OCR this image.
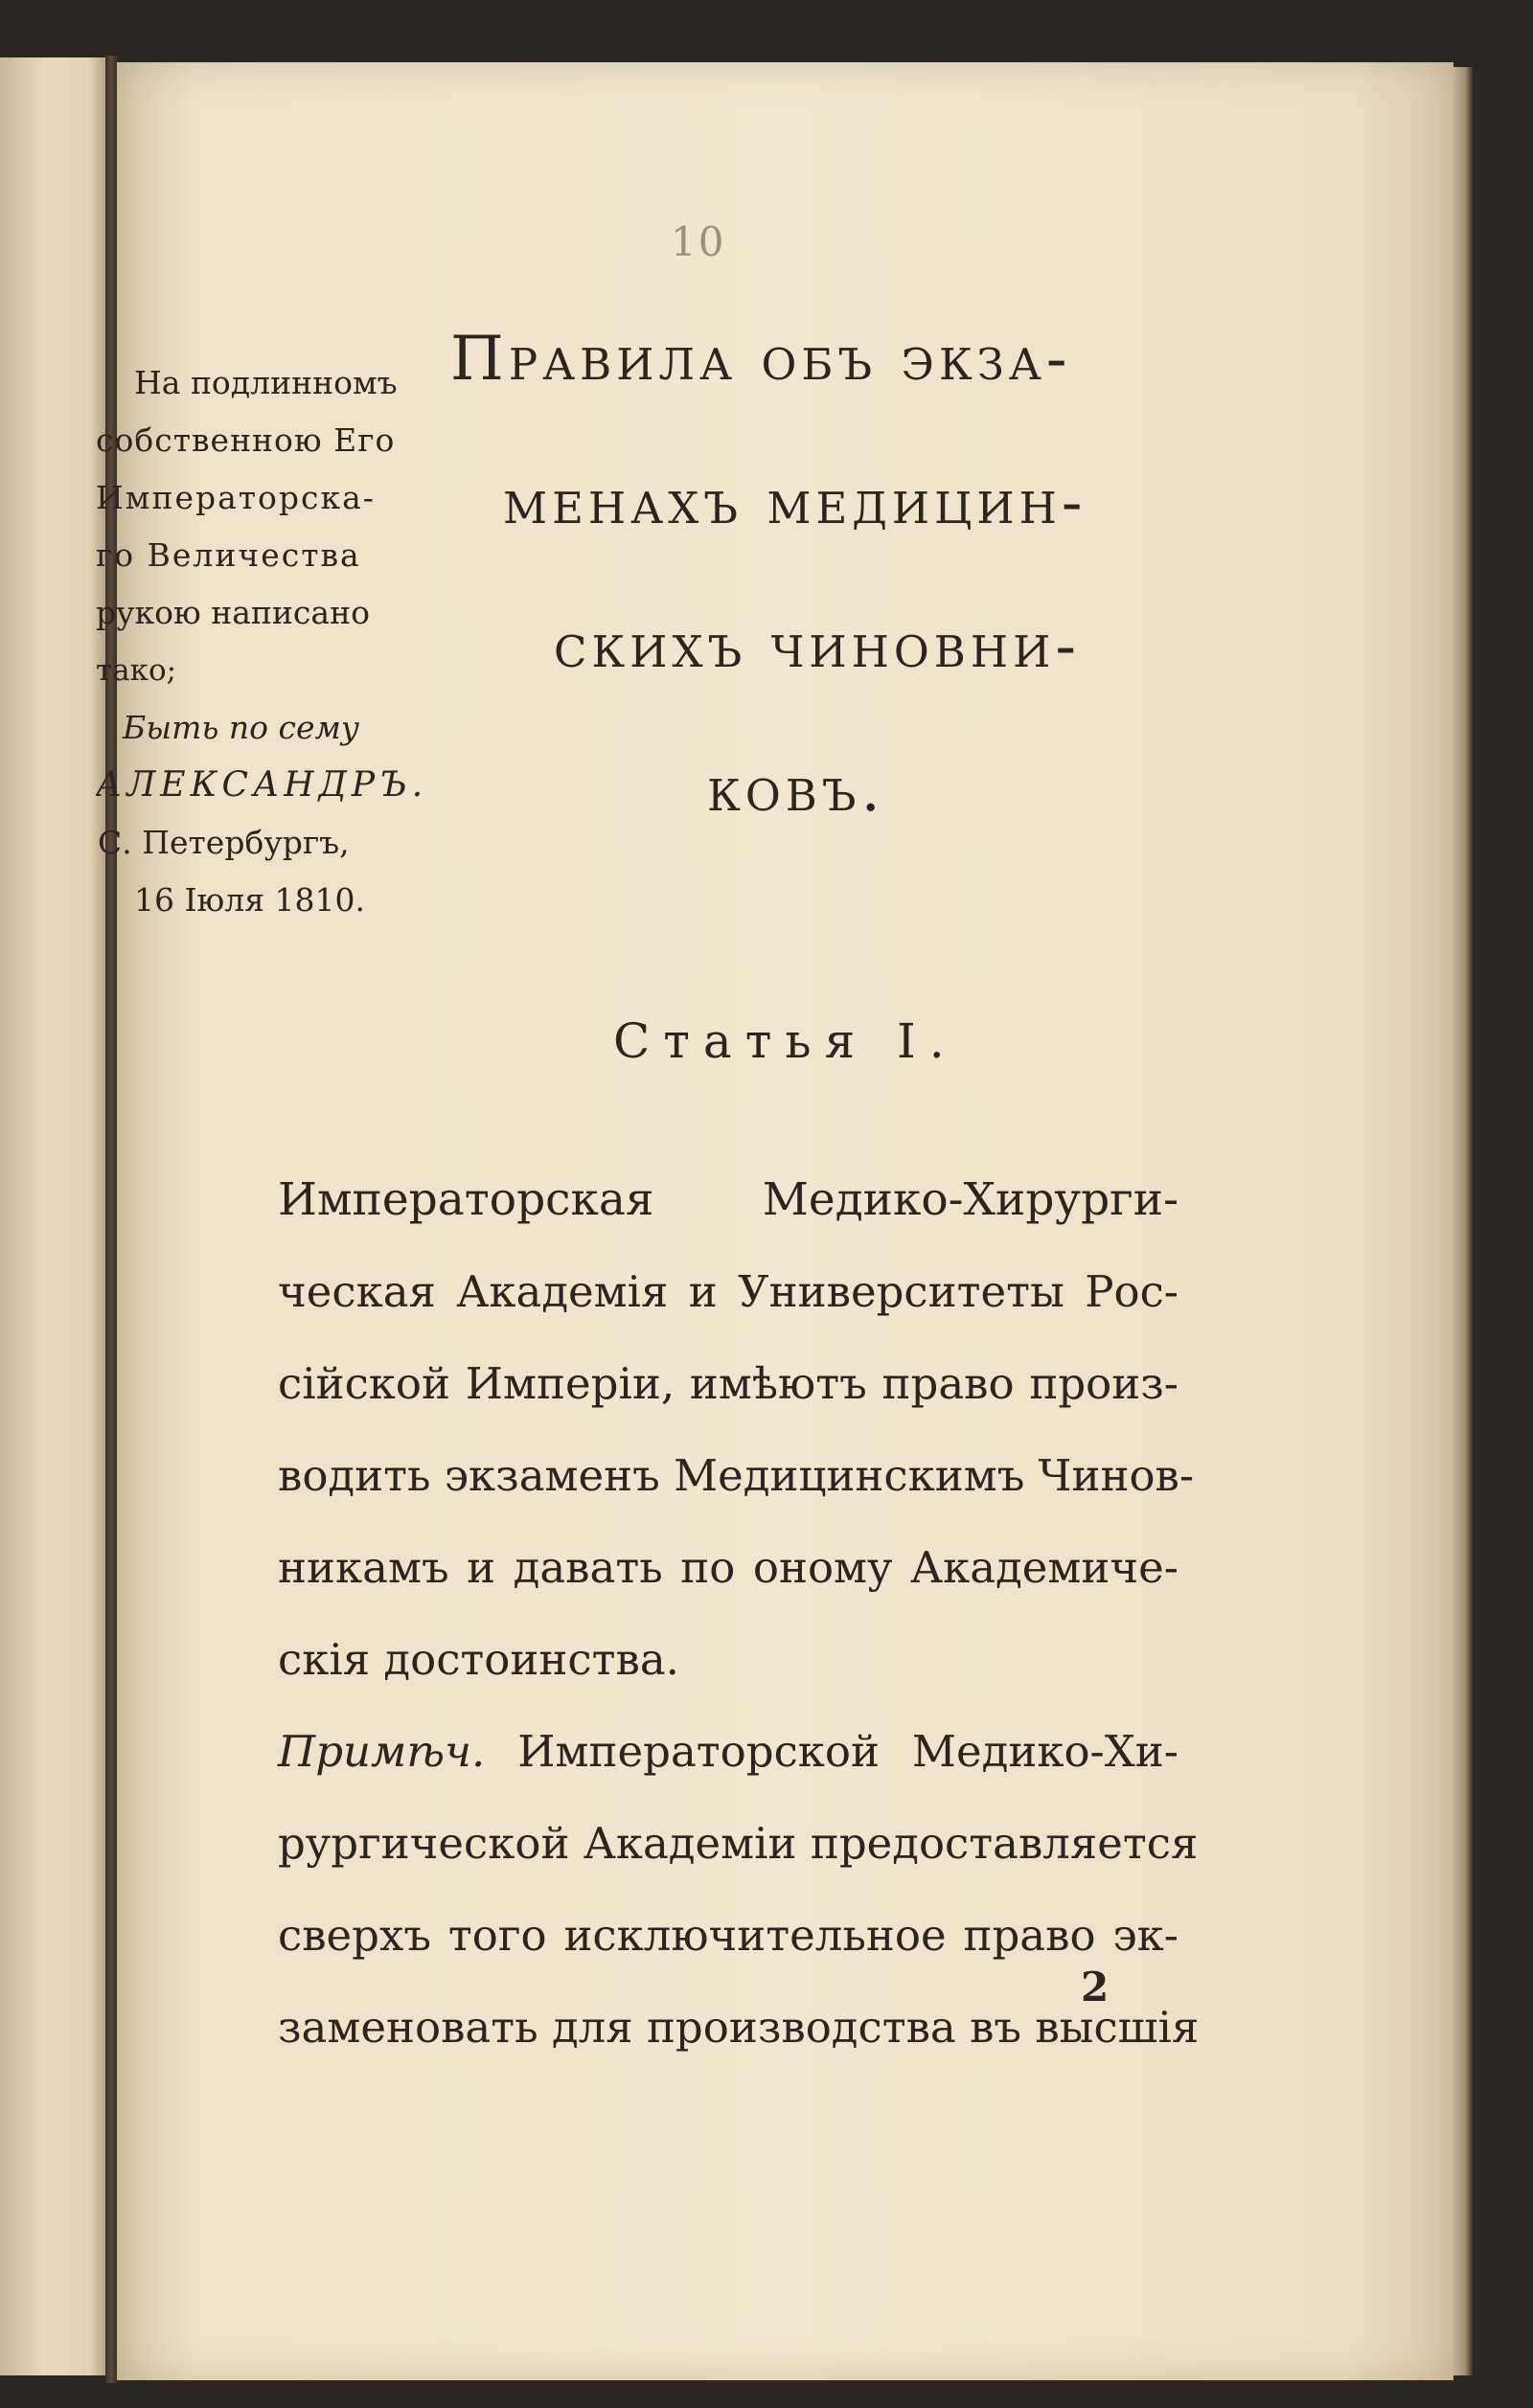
10
На подлинномъ
собственною Его
Императорска-
го Величества
рукою написано
тако;
Быть по сему
АЛЕКСАНДРЪ.
С. Петербургъ,
16 Іюля 1810.
Правила объ экза-
менахъ медицин-
скихъ чиновни-
ковъ.
Статья I.
Императорская Медико-Хирурги-
ческая Академія и Университеты Рос-
сійской Имперіи, имѣютъ право произ-
водить экзаменъ Медицинскимъ Чинов-
никамъ и давать по оному Академиче-
скія достоинства.
Примѣч. Императорской Медико-Хи-
рургической Академіи предоставляется
сверхъ того исключительное право эк-
заменовать для производства въ высшія
2
